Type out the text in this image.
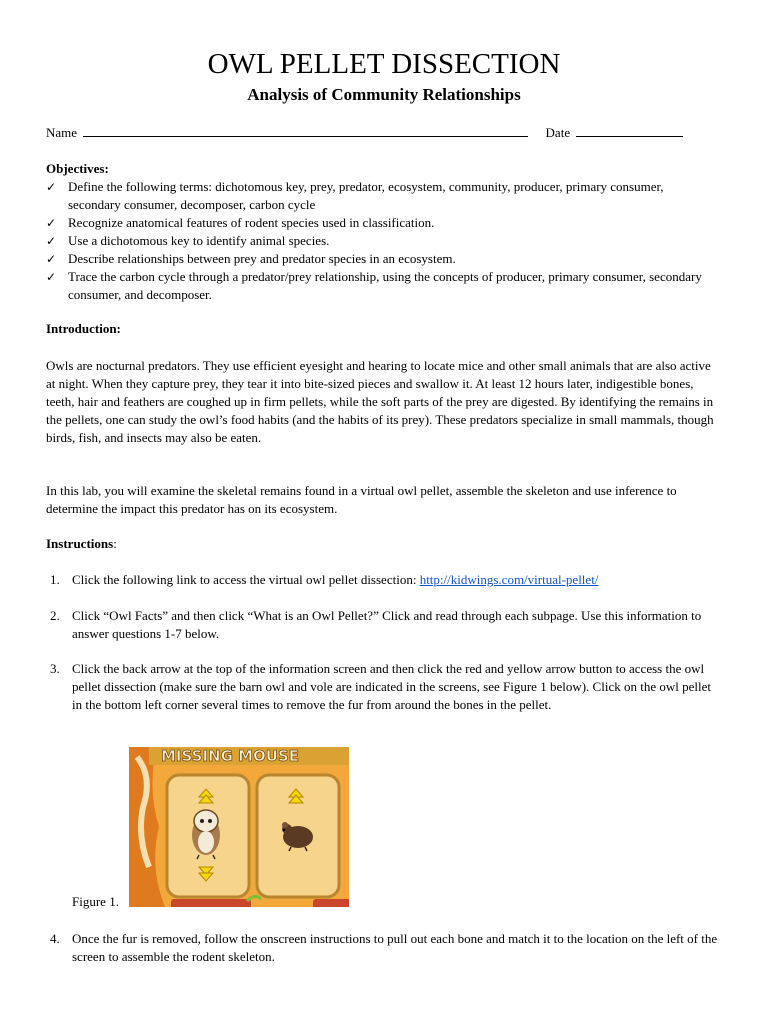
OWL PELLET DISSECTION
Analysis of Community Relationships
Name	Date
Objectives:
✓ Define the following terms: dichotomous key, prey, predator, ecosystem, community, producer, primary consumer, secondary consumer, decomposer, carbon cycle
✓ Recognize anatomical features of rodent species used in classification.
✓ Use a dichotomous key to identify animal species.
✓ Describe relationships between prey and predator species in an ecosystem.
✓ Trace the carbon cycle through a predator/prey relationship, using the concepts of producer, primary consumer, secondary consumer, and decomposer.
Introduction:

Owls are nocturnal predators. They use efficient eyesight and hearing to locate mice and other small animals that are also active at night. When they capture prey, they tear it into bite-sized pieces and swallow it. At least 12 hours later, indigestible bones, teeth, hair and feathers are coughed up in firm pellets, while the soft parts of the prey are digested. By identifying the remains in the pellets, one can study the owl’s food habits (and the habits of its prey). These predators specialize in small mammals, though birds, fish, and insects may also be eaten.

In this lab, you will examine the skeletal remains found in a virtual owl pellet, assemble the skeleton and use inference to determine the impact this predator has on its ecosystem.

Instructions:
1. Click the following link to access the virtual owl pellet dissection: http://kidwings.com/virtual-pellet/
2. Click “Owl Facts” and then click “What is an Owl Pellet?” Click and read through each subpage. Use this information to answer questions 1-7 below.
3. Click the back arrow at the top of the information screen and then click the red and yellow arrow button to access the owl pellet dissection (make sure the barn owl and vole are indicated in the screens, see Figure 1 below). Click on the owl pellet in the bottom left corner several times to remove the fur from around the bones in the pellet.
4. Once the fur is removed, follow the onscreen instructions to pull out each bone and match it to the location on the left of the screen to assemble the rodent skeleton.
Figure 1.
MISSING MOUSE
